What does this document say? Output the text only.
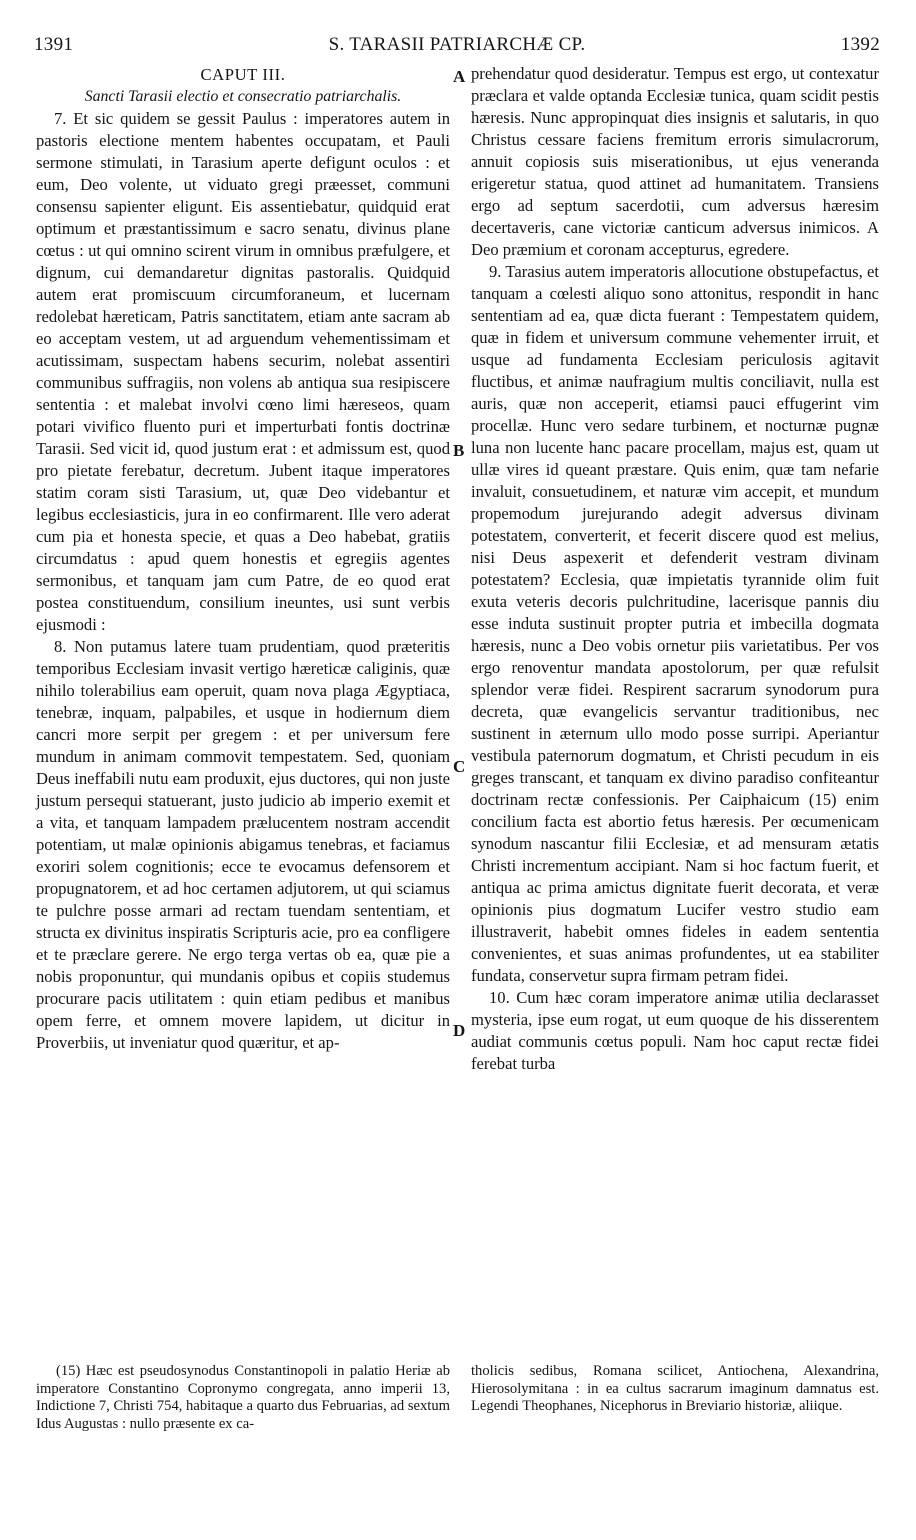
1391	S. TARASII PATRIARCHÆ CP.	1392

CAPUT III.

Sancti Tarasii electio et consecratio patriarchalis.

7. Et sic quidem se gessit Paulus : imperatores autem in pastoris electione mentem habentes occupatam, et Pauli sermone stimulati, in Tarasium aperte defigunt oculos : et eum, Deo volente, ut viduato gregi præesset, communi consensu sapienter eligunt. Eis assentiebatur, quidquid erat optimum et præstantissimum e sacro senatu, divinus plane cœtus : ut qui omnino scirent virum in omnibus præfulgere, et dignum, cui demandaretur dignitas pastoralis. Quidquid autem erat promiscuum circumforaneum, et lucernam redolebat hæreticam, Patris sanctitatem, etiam ante sacram ab eo acceptam vestem, ut ad arguendum vehementissimam et acutissimam, suspectam habens securim, nolebat assentiri communibus suffragiis, non volens ab antiqua sua resipiscere sententia : et malebat involvi cœno limi hæreseos, quam potari vivifico fluento puri et imperturbati fontis doctrinæ Tarasii. Sed vicit id, quod justum erat : et admissum est, quod pro pietate ferebatur, decretum. Jubent itaque imperatores statim coram sisti Tarasium, ut, quæ Deo videbantur et legibus ecclesiasticis, jura in eo confirmarent. Ille vero aderat cum pia et honesta specie, et quas a Deo habebat, gratiis circumdatus : apud quem honestis et egregiis agentes sermonibus, et tanquam jam cum Patre, de eo quod erat postea constituendum, consilium ineuntes, usi sunt verbis ejusmodi :

8. Non putamus latere tuam prudentiam, quod præteritis temporibus Ecclesiam invasit vertigo hæreticæ caliginis, quæ nihilo tolerabilius eam operuit, quam nova plaga Ægyptiaca, tenebræ, inquam, palpabiles, et usque in hodiernum diem cancri more serpit per gregem : et per universum fere mundum in animam commovit tempestatem. Sed, quoniam Deus ineffabili nutu eam produxit, ejus ductores, qui non juste justum persequi statuerant, justo judicio ab imperio exemit et a vita, et tanquam lampadem prælucentem nostram accendit potentiam, ut malæ opinionis abigamus tenebras, et faciamus exoriri solem cognitionis; ecce te evocamus defensorem et propugnatorem, et ad hoc certamen adjutorem, ut qui sciamus te pulchre posse armari ad rectam tuendam sententiam, et structa ex divinitus inspiratis Scripturis acie, pro ea confligere et te præclare gerere. Ne ergo terga vertas ob ea, quæ pie a nobis proponuntur, qui mundanis opibus et copiis studemus procurare pacis utilitatem : quin etiam pedibus et manibus opem ferre, et omnem movere lapidem, ut dicitur in Proverbiis, ut inveniatur quod quæritur, et ap-

prehendatur quod desideratur. Tempus est ergo, ut contexatur præclara et valde optanda Ecclesiæ tunica, quam scidit pestis hæresis. Nunc appropinquat dies insignis et salutaris, in quo Christus cessare faciens fremitum erroris simulacrorum, annuit copiosis suis miserationibus, ut ejus veneranda erigeretur statua, quod attinet ad humanitatem. Transiens ergo ad septum sacerdotii, cum adversus hæresim decertaveris, cane victoriæ canticum adversus inimicos. A Deo præmium et coronam accepturus, egredere.

9. Tarasius autem imperatoris allocutione obstupefactus, et tanquam a cœlesti aliquo sono attonitus, respondit in hanc sententiam ad ea, quæ dicta fuerant : Tempestatem quidem, quæ in fidem et universum commune vehementer irruit, et usque ad fundamenta Ecclesiam periculosis agitavit fluctibus, et animæ naufragium multis conciliavit, nulla est auris, quæ non acceperit, etiamsi pauci effugerint vim procellæ. Hunc vero sedare turbinem, et nocturnæ pugnæ luna non lucente hanc pacare procellam, majus est, quam ut ullæ vires id queant præstare. Quis enim, quæ tam nefarie invaluit, consuetudinem, et naturæ vim accepit, et mundum propemodum jurejurando adegit adversus divinam potestatem, converterit, et fecerit discere quod est melius, nisi Deus aspexerit et defenderit vestram divinam potestatem? Ecclesia, quæ impietatis tyrannide olim fuit exuta veteris decoris pulchritudine, lacerisque pannis diu esse induta sustinuit propter putria et imbecilla dogmata hæresis, nunc a Deo vobis ornetur piis varietatibus. Per vos ergo renoventur mandata apostolorum, per quæ refulsit splendor veræ fidei. Respirent sacrarum synodorum pura decreta, quæ evangelicis servantur traditionibus, nec sustinent in æternum ullo modo posse surripi. Aperiantur vestibula paternorum dogmatum, et Christi pecudum in eis greges transcant, et tanquam ex divino paradiso confiteantur doctrinam rectæ confessionis. Per Caiphaicum (15) enim concilium facta est abortio fetus hæresis. Per œcumenicam synodum nascantur filii Ecclesiæ, et ad mensuram ætatis Christi incrementum accipiant. Nam si hoc factum fuerit, et antiqua ac prima amictus dignitate fuerit decorata, et veræ opinionis pius dogmatum Lucifer vestro studio eam illustraverit, habebit omnes fideles in eadem sententia convenientes, et suas animas profundentes, ut ea stabiliter fundata, conservetur supra firmam petram fidei.

10. Cum hæc coram imperatore animæ utilia declarasset mysteria, ipse eum rogat, ut eum quoque de his disserentem audiat communis cœtus populi. Nam hoc caput rectæ fidei ferebat turba

A
B
C
D
(15) Hæc est pseudosynodus Constantinopoli in palatio Heriæ ab imperatore Constantino Copronymo congregata, anno imperii 13, Indictione 7, Christi 754, habitaque a quarto dus Februarias, ad sextum Idus Augustas : nullo præsente ex ca-
tholicis sedibus, Romana scilicet, Antiochena, Alexandrina, Hierosolymitana : in ea cultus sacrarum imaginum damnatus est. Legendi Theophanes, Nicephorus in Breviario historiæ, aliique.
